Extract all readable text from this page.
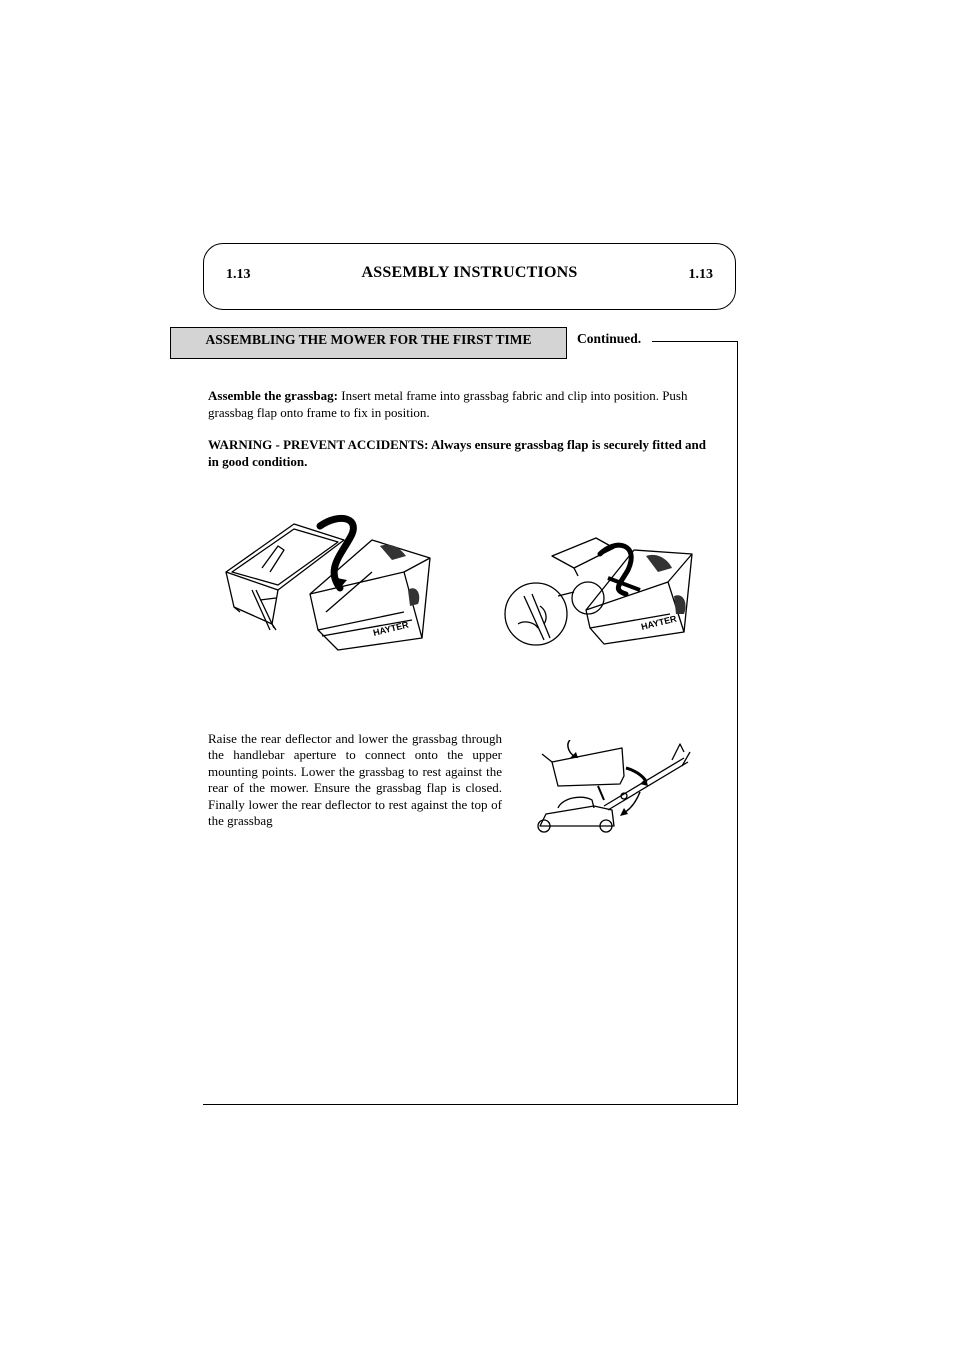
1.13	ASSEMBLY INSTRUCTIONS	1.13
ASSEMBLING THE MOWER FOR THE FIRST TIME	Continued.

Assemble the grassbag: Insert metal frame into grassbag fabric and clip into position. Push grassbag flap onto frame to fix in position.

WARNING - PREVENT ACCIDENTS: Always ensure grassbag flap is securely fitted and in good condition.

HAYTER	HAYTER

Raise the rear deflector and lower the grassbag through the handlebar aperture to connect onto the upper mounting points. Lower the grassbag to rest against the rear of the mower. Ensure the grassbag flap is closed. Finally lower the rear deflector to rest against the top of the grassbag
